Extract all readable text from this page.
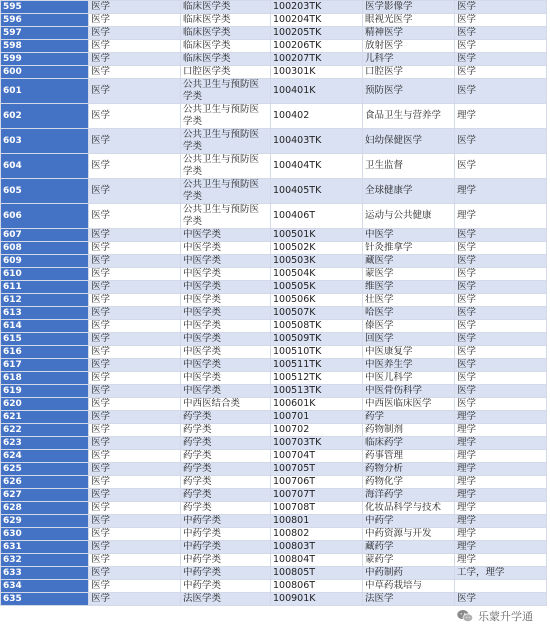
595	医学	临床医学类	100203TK	医学影像学	医学
596	医学	临床医学类	100204TK	眼视光医学	医学
597	医学	临床医学类	100205TK	精神医学	医学
598	医学	临床医学类	100206TK	放射医学	医学
599	医学	临床医学类	100207TK	儿科学	医学
600	医学	口腔医学类	100301K	口腔医学	医学
601	医学	公共卫生与预防医学类	100401K	预防医学	医学
602	医学	公共卫生与预防医学类	100402	食品卫生与营养学	理学
603	医学	公共卫生与预防医学类	100403TK	妇幼保健医学	医学
604	医学	公共卫生与预防医学类	100404TK	卫生监督	医学
605	医学	公共卫生与预防医学类	100405TK	全球健康学	理学
606	医学	公共卫生与预防医学类	100406T	运动与公共健康	理学
607	医学	中医学类	100501K	中医学	医学
608	医学	中医学类	100502K	针灸推拿学	医学
609	医学	中医学类	100503K	藏医学	医学
610	医学	中医学类	100504K	蒙医学	医学
611	医学	中医学类	100505K	维医学	医学
612	医学	中医学类	100506K	壮医学	医学
613	医学	中医学类	100507K	哈医学	医学
614	医学	中医学类	100508TK	傣医学	医学
615	医学	中医学类	100509TK	回医学	医学
616	医学	中医学类	100510TK	中医康复学	医学
617	医学	中医学类	100511TK	中医养生学	医学
618	医学	中医学类	100512TK	中医儿科学	医学
619	医学	中医学类	100513TK	中医骨伤科学	医学
620	医学	中西医结合类	100601K	中西医临床医学	医学
621	医学	药学类	100701	药学	理学
622	医学	药学类	100702	药物制剂	理学
623	医学	药学类	100703TK	临床药学	理学
624	医学	药学类	100704T	药事管理	理学
625	医学	药学类	100705T	药物分析	理学
626	医学	药学类	100706T	药物化学	理学
627	医学	药学类	100707T	海洋药学	理学
628	医学	药学类	100708T	化妆品科学与技术	理学
629	医学	中药学类	100801	中药学	理学
630	医学	中药学类	100802	中药资源与开发	理学
631	医学	中药学类	100803T	藏药学	理学
632	医学	中药学类	100804T	蒙药学	理学
633	医学	中药学类	100805T	中药制药	工学，理学
634	医学	中药学类	100806T	中草药栽培与	
635	医学	法医学类	100901K	法医学	医学
乐蒙升学通
